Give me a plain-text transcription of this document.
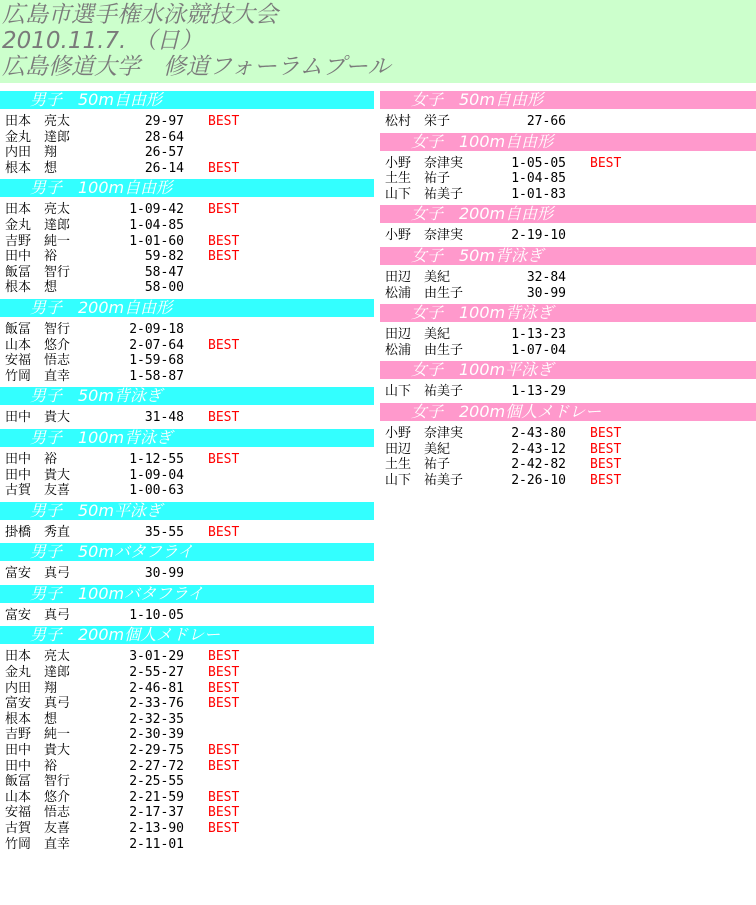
広島市選手権水泳競技大会
2010.11.7. （日）
広島修道大学　修道フォーラムプール
男子　50m自由形
田本　亮太	29-97 BEST
金丸　達郎	28-64
内田　翔	26-57
根本　想	26-14 BEST
男子　100m自由形
田本　亮太	1-09-42 BEST
金丸　達郎	1-04-85
吉野　純一	1-01-60 BEST
田中　裕	59-82 BEST
飯冨　智行	58-47
根本　想	58-00
男子　200m自由形
飯冨　智行	2-09-18
山本　悠介	2-07-64 BEST
安福　悟志	1-59-68
竹岡　直幸	1-58-87
男子　50m背泳ぎ
田中　貴大	31-48 BEST
男子　100m背泳ぎ
田中　裕	1-12-55 BEST
田中　貴大	1-09-04
古賀　友喜	1-00-63
男子　50m平泳ぎ
掛橋　秀直	35-55 BEST
男子　50mバタフライ
富安　真弓	30-99
男子　100mバタフライ
富安　真弓	1-10-05
男子　200m個人メドレー
田本　亮太	3-01-29 BEST
金丸　達郎	2-55-27 BEST
内田　翔	2-46-81 BEST
富安　真弓	2-33-76 BEST
根本　想	2-32-35
吉野　純一	2-30-39
田中　貴大	2-29-75 BEST
田中　裕	2-27-72 BEST
飯冨　智行	2-25-55
山本　悠介	2-21-59 BEST
安福　悟志	2-17-37 BEST
古賀　友喜	2-13-90 BEST
竹岡　直幸	2-11-01
女子　50m自由形
松村　栄子	27-66
女子　100m自由形
小野　奈津実	1-05-05 BEST
土生　祐子	1-04-85
山下　祐美子	1-01-83
女子　200m自由形
小野　奈津実	2-19-10
女子　50m背泳ぎ
田辺　美紀	32-84
松浦　由生子	30-99
女子　100m背泳ぎ
田辺　美紀	1-13-23
松浦　由生子	1-07-04
女子　100m平泳ぎ
山下　祐美子	1-13-29
女子　200m個人メドレー
小野　奈津実	2-43-80 BEST
田辺　美紀	2-43-12 BEST
土生　祐子	2-42-82 BEST
山下　祐美子	2-26-10 BEST
